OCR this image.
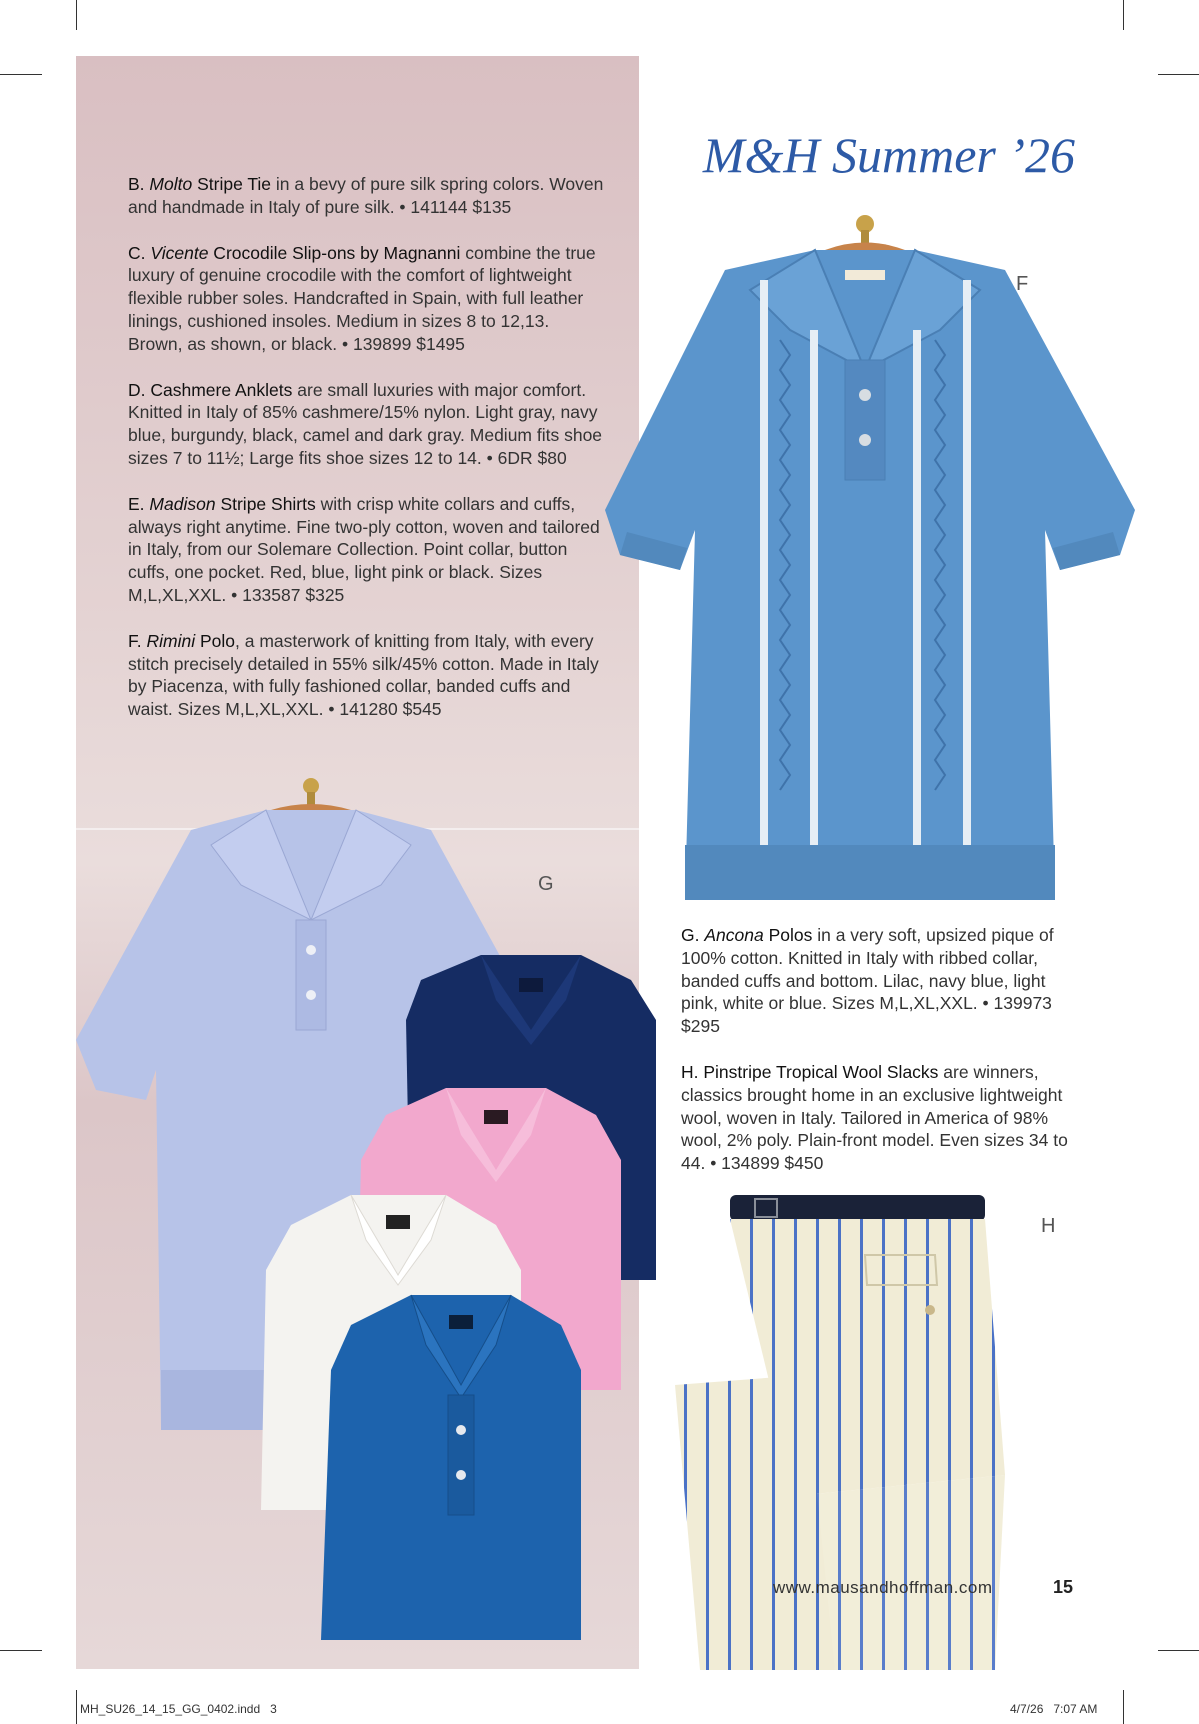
M&H Summer ’26

B. Molto Stripe Tie in a bevy of pure silk spring colors. Woven and handmade in Italy of pure silk. • 141144 $135

C. Vicente Crocodile Slip-ons by Magnanni combine the true luxury of genuine crocodile with the comfort of lightweight flexible rubber soles. Handcrafted in Spain, with full leather linings, cushioned insoles. Medium in sizes 8 to 12,13. Brown, as shown, or black. • 139899 $1495

D. Cashmere Anklets are small luxuries with major comfort. Knitted in Italy of 85% cashmere/15% nylon. Light gray, navy blue, burgundy, black, camel and dark gray. Medium fits shoe sizes 7 to 11½; Large fits shoe sizes 12 to 14. • 6DR $80

E. Madison Stripe Shirts with crisp white collars and cuffs, always right anytime. Fine two-ply cotton, woven and tailored in Italy, from our Solemare Collection. Point collar, button cuffs, one pocket. Red, blue, light pink or black. Sizes M,L,XL,XXL. • 133587 $325

F. Rimini Polo, a masterwork of knitting from Italy, with every stitch precisely detailed in 55% silk/45% cotton. Made in Italy by Piacenza, with fully fashioned collar, banded cuffs and waist. Sizes M,L,XL,XXL. • 141280 $545

G. Ancona Polos in a very soft, upsized pique of 100% cotton. Knitted in Italy with ribbed collar, banded cuffs and bottom. Lilac, navy blue, light pink, white or blue. Sizes M,L,XL,XXL. • 139973 $295

H. Pinstripe Tropical Wool Slacks are winners, classics brought home in an exclusive lightweight wool, woven in Italy. Tailored in America of 98% wool, 2% poly. Plain-front model. Even sizes 34 to 44. • 134899 $450

F
G
H
www.mausandhoffman.com	15
MH_SU26_14_15_GG_0402.indd   3	4/7/26   7:07 AM
